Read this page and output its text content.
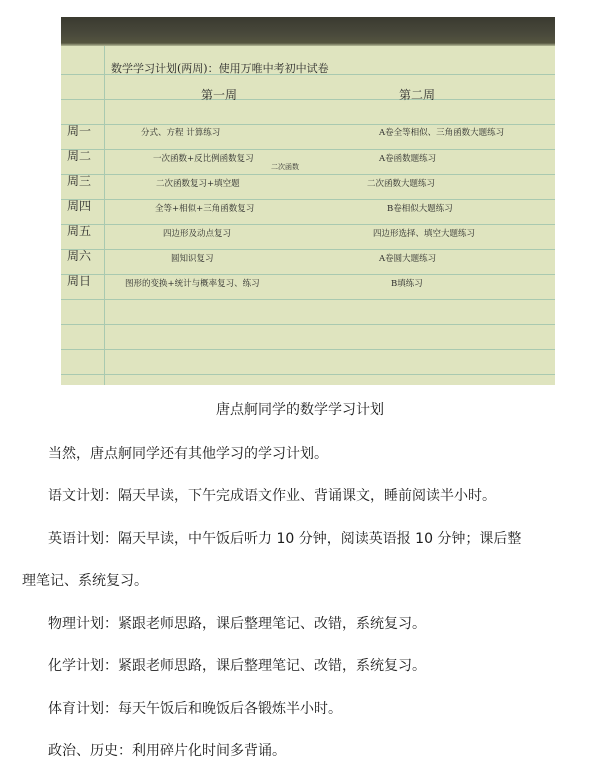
数学学习计划(两周)：使用万唯中考初中试卷
第一周	第二周
周一
周二
周三
周四
周五
周六
周日
分式、方程 计算练习
一次函数+反比例函数复习
二次函数复习+填空题
全等+相似+三角函数复习
四边形及动点复习
圆知识复习
图形的变换+统计与概率复习、练习
二次函数
A卷全等相似、三角函数大题练习
A卷函数题练习
二次函数大题练习
B卷相似大题练习
四边形选择、填空大题练习
A卷圆大题练习
B填练习
唐点舸同学的数学学习计划
当然，唐点舸同学还有其他学习的学习计划。
语文计划：隔天早读，下午完成语文作业、背诵课文，睡前阅读半小时。
英语计划：隔天早读，中午饭后听力 10 分钟，阅读英语报 10 分钟；课后整
理笔记、系统复习。
物理计划：紧跟老师思路，课后整理笔记、改错，系统复习。
化学计划：紧跟老师思路，课后整理笔记、改错，系统复习。
体育计划：每天午饭后和晚饭后各锻炼半小时。
政治、历史：利用碎片化时间多背诵。
